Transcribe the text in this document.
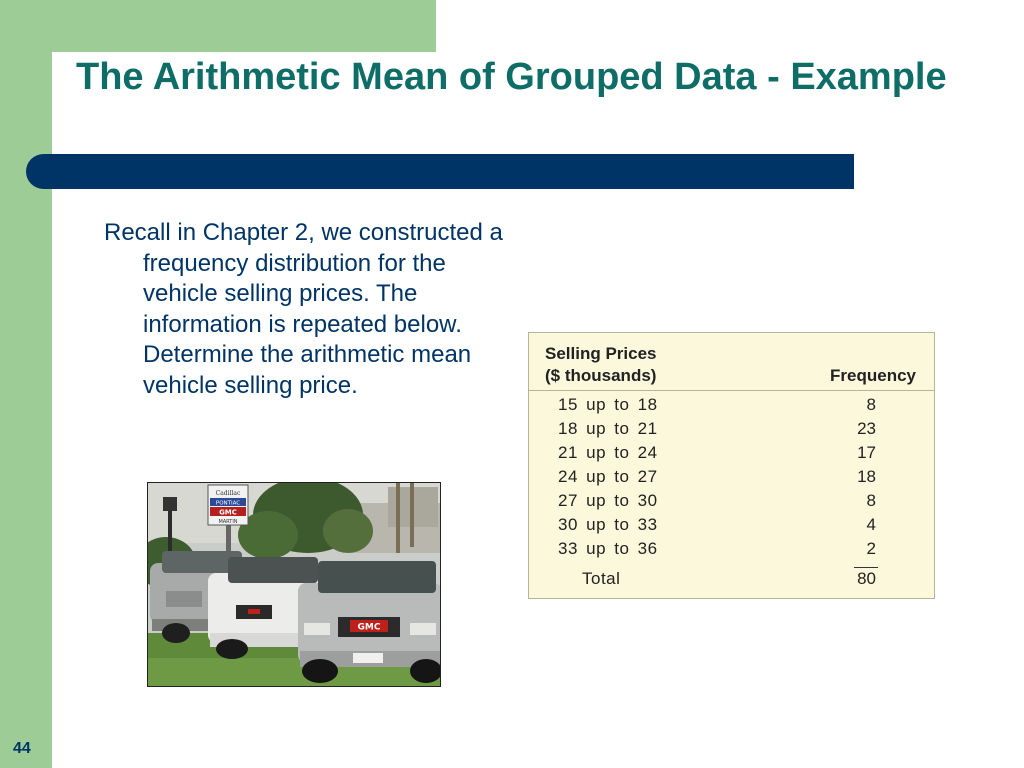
The Arithmetic Mean of Grouped Data - Example

Recall in Chapter 2, we constructed a frequency distribution for the vehicle selling prices. The information is repeated below. Determine the arithmetic mean vehicle selling price.

Cadillac
PONTIAC
GMC
MARTIN
GMC
Selling Prices
($ thousands)	Frequency
15 up to 18	8
18 up to 21	23
21 up to 24	17
24 up to 27	18
27 up to 30	8
30 up to 33	4
33 up to 36	2
Total	80
44
